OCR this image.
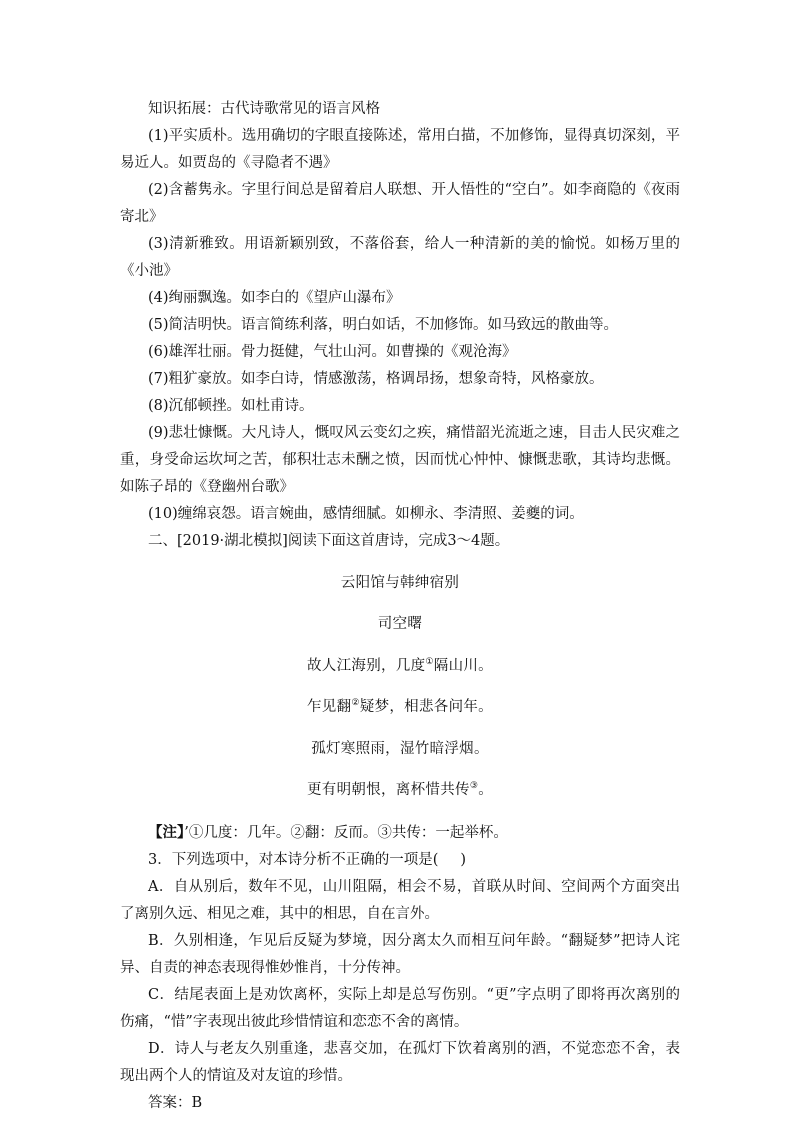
知识拓展：古代诗歌常见的语言风格

(1)平实质朴。选用确切的字眼直接陈述，常用白描，不加修饰，显得真切深刻，平易近人。如贾岛的《寻隐者不遇》

(2)含蓄隽永。字里行间总是留着启人联想、开人悟性的“空白”。如李商隐的《夜雨寄北》

(3)清新雅致。用语新颖别致，不落俗套，给人一种清新的美的愉悦。如杨万里的《小池》

(4)绚丽飘逸。如李白的《望庐山瀑布》

(5)简洁明快。语言简练利落，明白如话，不加修饰。如马致远的散曲等。

(6)雄浑壮丽。骨力挺健，气壮山河。如曹操的《观沧海》

(7)粗犷豪放。如李白诗，情感激荡，格调昂扬，想象奇特，风格豪放。

(8)沉郁顿挫。如杜甫诗。

(9)悲壮慷慨。大凡诗人，慨叹风云变幻之疾，痛惜韶光流逝之速，目击人民灾难之重，身受命运坎坷之苦，郁积壮志未酬之愤，因而忧心忡忡、慷慨悲歌，其诗均悲慨。如陈子昂的《登幽州台歌》

(10)缠绵哀怨。语言婉曲，感情细腻。如柳永、李清照、姜夔的词。

二、[2019·湖北模拟]阅读下面这首唐诗，完成3～4题。

云阳馆与韩绅宿别

司空曙

故人江海别，几度①隔山川。

乍见翻②疑梦，相悲各问年。

孤灯寒照雨，湿竹暗浮烟。

更有明朝恨，离杯惜共传③。

【注】’①几度：几年。②翻：反而。③共传：一起举杯。

3．下列选项中，对本诗分析不正确的一项是( )

A．自从别后，数年不见，山川阻隔，相会不易，首联从时间、空间两个方面突出了离别久远、相见之难，其中的相思，自在言外。

B．久别相逢，乍见后反疑为梦境，因分离太久而相互问年龄。“翻疑梦”把诗人诧异、自责的神态表现得惟妙惟肖，十分传神。

C．结尾表面上是劝饮离杯，实际上却是总写伤别。“更”字点明了即将再次离别的伤痛，“惜”字表现出彼此珍惜情谊和恋恋不舍的离情。

D．诗人与老友久别重逢，悲喜交加，在孤灯下饮着离别的酒，不觉恋恋不舍，表现出两个人的情谊及对友谊的珍惜。

答案：B
